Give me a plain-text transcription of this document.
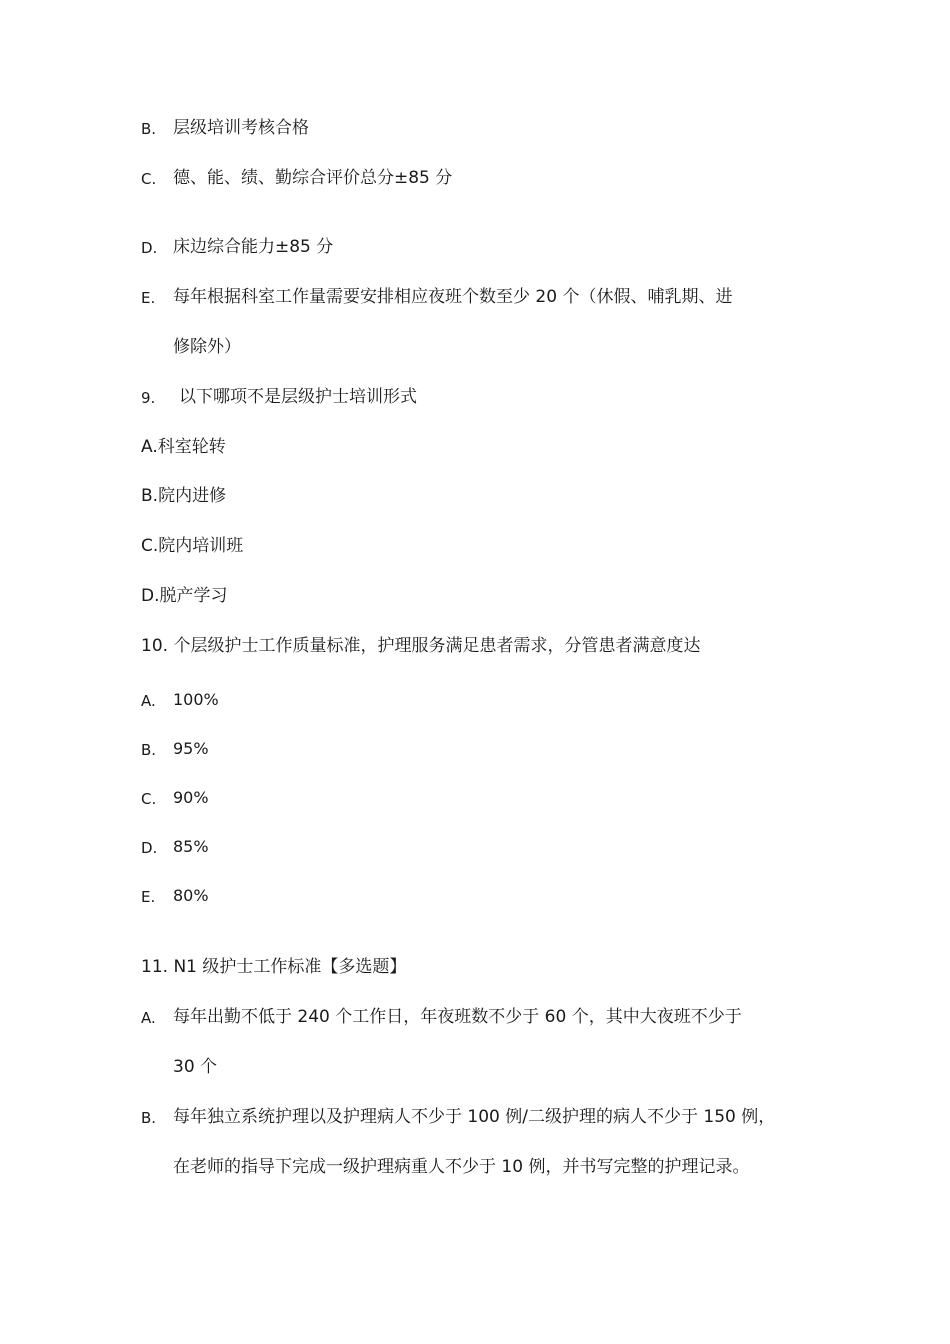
B. 层级培训考核合格
C. 德、能、绩、勤综合评价总分±85 分
D. 床边综合能力±85 分
E. 每年根据科室工作量需要安排相应夜班个数至少 20 个（休假、哺乳期、进
修除外）
9. 以下哪项不是层级护士培训形式
A.科室轮转
B.院内进修
C.院内培训班
D.脱产学习
10. 个层级护士工作质量标准，护理服务满足患者需求，分管患者满意度达
A. 100%
B. 95%
C. 90%
D. 85%
E. 80%
11. N1 级护士工作标准【多选题】
A. 每年出勤不低于 240 个工作日，年夜班数不少于 60 个，其中大夜班不少于
30 个
B. 每年独立系统护理以及护理病人不少于 100 例/二级护理的病人不少于 150 例，
在老师的指导下完成一级护理病重人不少于 10 例，并书写完整的护理记录。
